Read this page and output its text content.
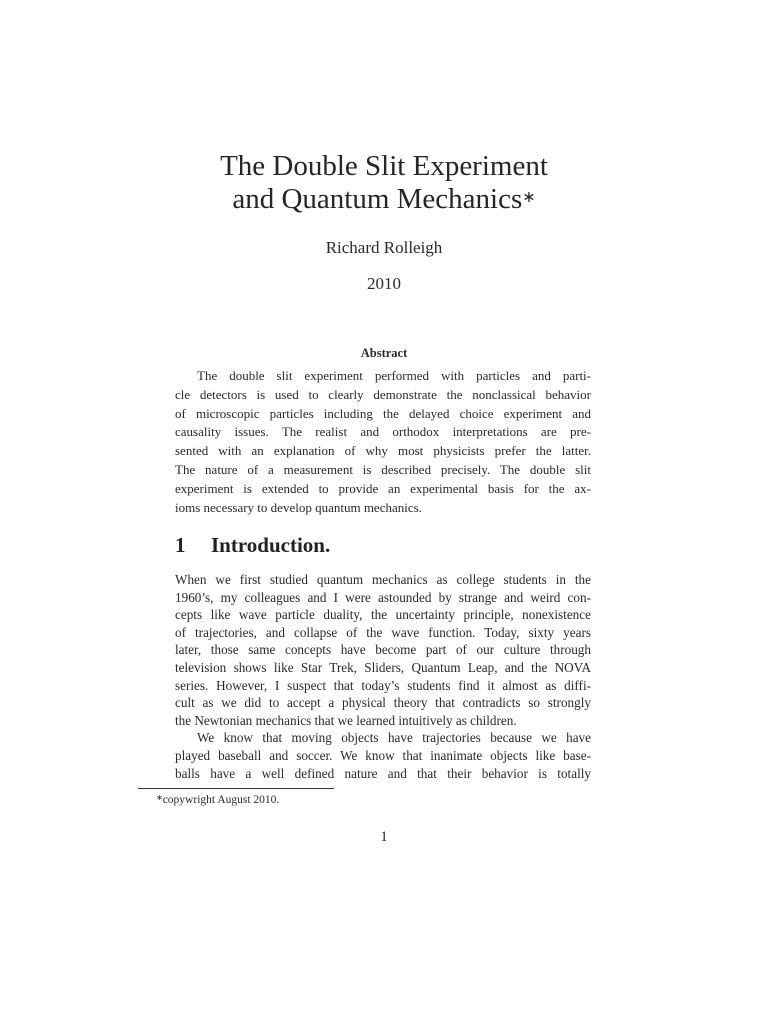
The Double Slit Experiment
and Quantum Mechanics∗
Richard Rolleigh
2010
Abstract
The double slit experiment performed with particles and parti-
cle detectors is used to clearly demonstrate the nonclassical behavior
of microscopic particles including the delayed choice experiment and
causality issues. The realist and orthodox interpretations are pre-
sented with an explanation of why most physicists prefer the latter.
The nature of a measurement is described precisely. The double slit
experiment is extended to provide an experimental basis for the ax-
ioms necessary to develop quantum mechanics.
1 Introduction.
When we first studied quantum mechanics as college students in the
1960’s, my colleagues and I were astounded by strange and weird con-
cepts like wave particle duality, the uncertainty principle, nonexistence
of trajectories, and collapse of the wave function. Today, sixty years
later, those same concepts have become part of our culture through
television shows like Star Trek, Sliders, Quantum Leap, and the NOVA
series. However, I suspect that today’s students find it almost as diffi-
cult as we did to accept a physical theory that contradicts so strongly
the Newtonian mechanics that we learned intuitively as children.
We know that moving objects have trajectories because we have
played baseball and soccer. We know that inanimate objects like base-
balls have a well defined nature and that their behavior is totally
∗copywright August 2010.
1
